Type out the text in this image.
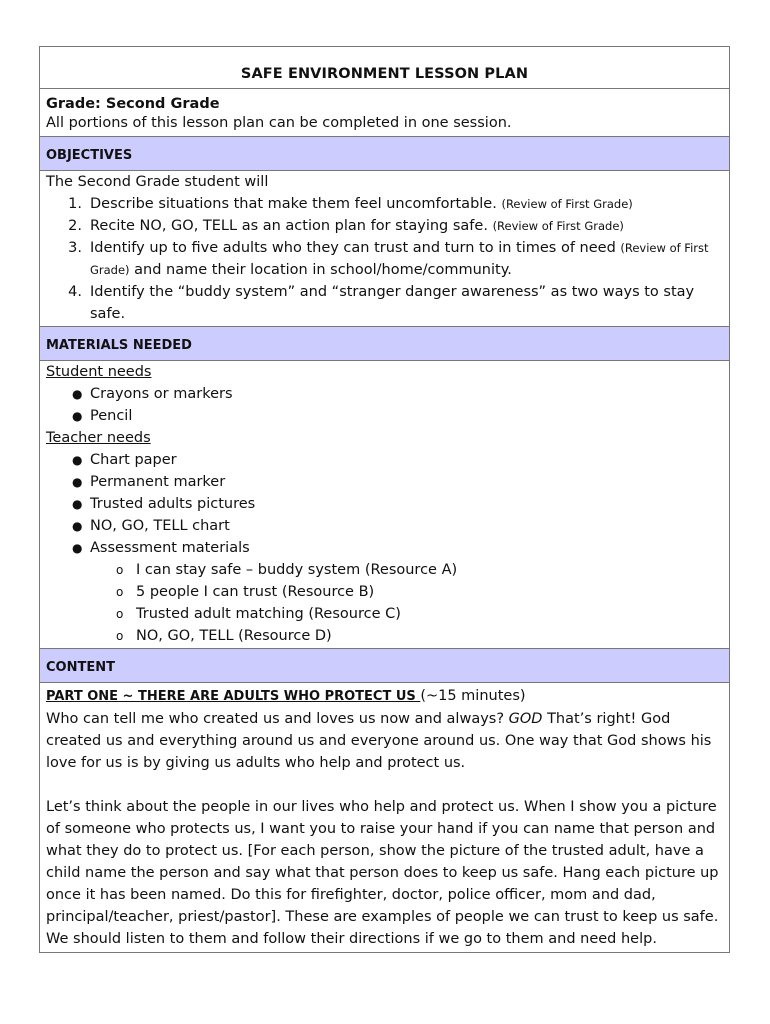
SAFE ENVIRONMENT LESSON PLAN
Grade: Second Grade
All portions of this lesson plan can be completed in one session.
OBJECTIVES
The Second Grade student will
1. Describe situations that make them feel uncomfortable. (Review of First Grade)
2. Recite NO, GO, TELL as an action plan for staying safe. (Review of First Grade)
3. Identify up to five adults who they can trust and turn to in times of need (Review of First Grade) and name their location in school/home/community.
4. Identify the “buddy system” and “stranger danger awareness” as two ways to stay safe.
MATERIALS NEEDED
Student needs
● Crayons or markers
● Pencil
Teacher needs
● Chart paper
● Permanent marker
● Trusted adults pictures
● NO, GO, TELL chart
● Assessment materials
o I can stay safe – buddy system (Resource A)
o 5 people I can trust (Resource B)
o Trusted adult matching (Resource C)
o NO, GO, TELL (Resource D)
CONTENT
PART ONE ~ THERE ARE ADULTS WHO PROTECT US (~15 minutes)

Who can tell me who created us and loves us now and always? GOD That’s right! God created us and everything around us and everyone around us. One way that God shows his love for us is by giving us adults who help and protect us.

Let’s think about the people in our lives who help and protect us. When I show you a picture of someone who protects us, I want you to raise your hand if you can name that person and what they do to protect us. [For each person, show the picture of the trusted adult, have a child name the person and say what that person does to keep us safe. Hang each picture up once it has been named. Do this for firefighter, doctor, police officer, mom and dad, principal/teacher, priest/pastor]. These are examples of people we can trust to keep us safe. We should listen to them and follow their directions if we go to them and need help.
